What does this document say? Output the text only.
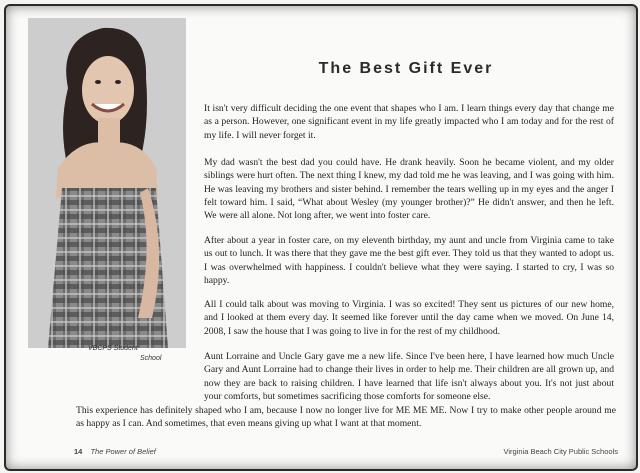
VBCPS Student
School
The Best Gift Ever

It isn't very difficult deciding the one event that shapes who I am. I learn things every day that change me as a person. However, one significant event in my life greatly impacted who I am today and for the rest of my life. I will never forget it.

My dad wasn't the best dad you could have. He drank heavily. Soon he became violent, and my older siblings were hurt often. The next thing I knew, my dad told me he was leaving, and I was going with him. He was leaving my brothers and sister behind. I remember the tears welling up in my eyes and the anger I felt toward him. I said, “What about Wesley (my younger brother)?” He didn't answer, and then he left. We were all alone. Not long after, we went into foster care.

After about a year in foster care, on my eleventh birthday, my aunt and uncle from Virginia came to take us out to lunch. It was there that they gave me the best gift ever. They told us that they wanted to adopt us. I was overwhelmed with happiness. I couldn't believe what they were saying. I started to cry, I was so happy.

All I could talk about was moving to Virginia. I was so excited! They sent us pictures of our new home, and I looked at them every day. It seemed like forever until the day came when we moved. On June 14, 2008, I saw the house that I was going to live in for the rest of my childhood.

Aunt Lorraine and Uncle Gary gave me a new life. Since I've been here, I have learned how much Uncle Gary and Aunt Lorraine had to change their lives in order to help me. Their children are all grown up, and now they are back to raising children. I have learned that life isn't always about you. It's not just about your comforts, but sometimes sacrificing those comforts for someone else.

This experience has definitely shaped who I am, because I now no longer live for ME ME ME. Now I try to make other people around me as happy as I can. And sometimes, that even means giving up what I want at that moment.

14 The Power of Belief	Virginia Beach City Public Schools
